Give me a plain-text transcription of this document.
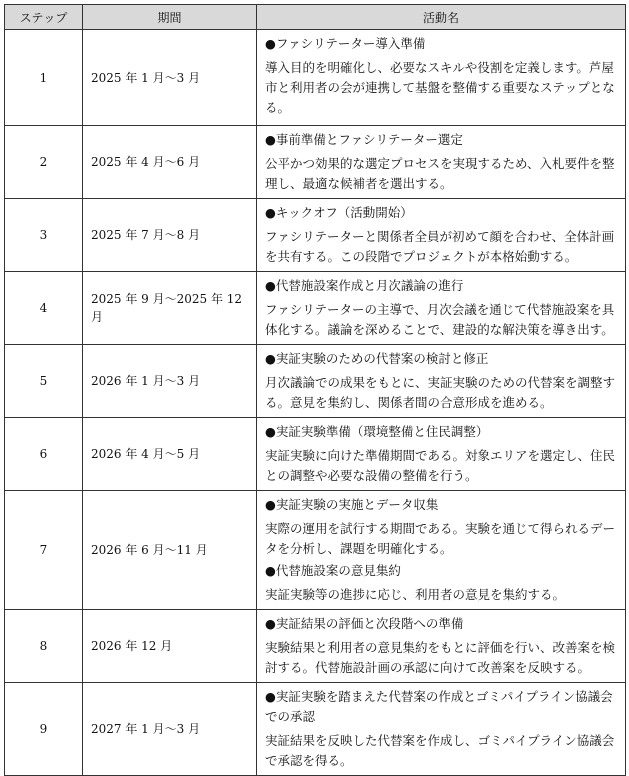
ステップ	期間	活動名
1	2025 年 1 月～3 月	●ファシリテーター導入準備

導入目的を明確化し、必要なスキルや役割を定義します。芦屋市と利用者の会が連携して基盤を整備する重要なステップとなる。

2	2025 年 4 月～6 月	●事前準備とファシリテーター選定

公平かつ効果的な選定プロセスを実現するため、入札要件を整理し、最適な候補者を選出する。

3	2025 年 7 月～8 月	●キックオフ（活動開始）

ファシリテーターと関係者全員が初めて顔を合わせ、全体計画を共有する。この段階でプロジェクトが本格始動する。

4	2025 年 9 月～2025 年 12 月	●代替施設案作成と月次議論の進行

ファシリテーターの主導で、月次会議を通じて代替施設案を具体化する。議論を深めることで、建設的な解決策を導き出す。

5	2026 年 1 月～3 月	●実証実験のための代替案の検討と修正

月次議論での成果をもとに、実証実験のための代替案を調整する。意見を集約し、関係者間の合意形成を進める。

6	2026 年 4 月～5 月	●実証実験準備（環境整備と住民調整）

実証実験に向けた準備期間である。対象エリアを選定し、住民との調整や必要な設備の整備を行う。

7	2026 年 6 月～11 月	●実証実験の実施とデータ収集

実際の運用を試行する期間である。実験を通じて得られるデータを分析し、課題を明確化する。

●代替施設案の意見集約

実証実験等の進捗に応じ、利用者の意見を集約する。

8	2026 年 12 月	●実証結果の評価と次段階への準備

実験結果と利用者の意見集約をもとに評価を行い、改善案を検討する。代替施設計画の承認に向けて改善案を反映する。

9	2027 年 1 月～3 月	●実証実験を踏まえた代替案の作成とゴミパイプライン協議会での承認

実証結果を反映した代替案を作成し、ゴミパイプライン協議会で承認を得る。
